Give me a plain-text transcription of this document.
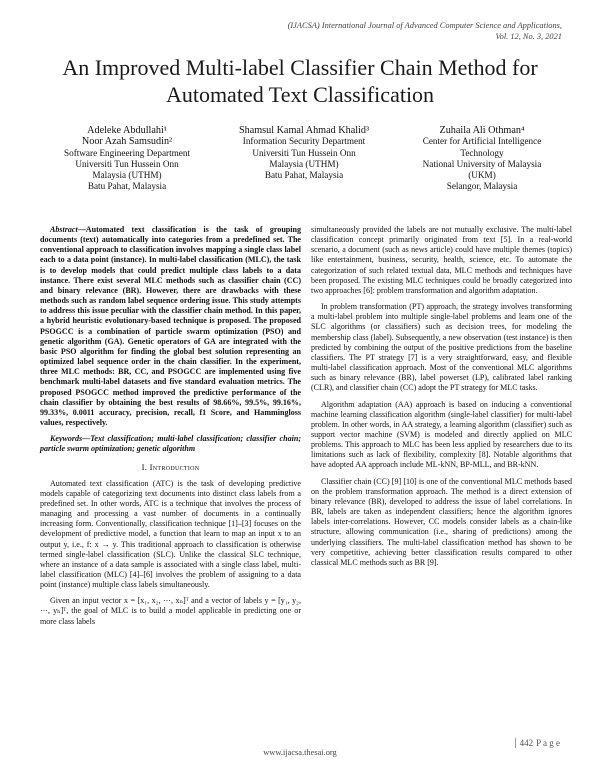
(IJACSA) International Journal of Advanced Computer Science and Applications,
Vol. 12, No. 3, 2021
An Improved Multi-label Classifier Chain Method for Automated Text Classification
Adeleke Abdullahi¹
Noor Azah Samsudin²
Software Engineering Department
Universiti Tun Hussein Onn
Malaysia (UTHM)
Batu Pahat, Malaysia
Shamsul Kamal Ahmad Khalid³
Information Security Department
Universiti Tun Hussein Onn
Malaysia (UTHM)
Batu Pahat, Malaysia
Zuhaila Ali Othman⁴
Center for Artificial Intelligence
Technology
National University of Malaysia
(UKM)
Selangor, Malaysia

Abstract—Automated text classification is the task of grouping documents (text) automatically into categories from a predefined set. The conventional approach to classification involves mapping a single class label each to a data point (instance). In multi-label classification (MLC), the task is to develop models that could predict multiple class labels to a data instance. There exist several MLC methods such as classifier chain (CC) and binary relevance (BR). However, there are drawbacks with these methods such as random label sequence ordering issue. This study attempts to address this issue peculiar with the classifier chain method. In this paper, a hybrid heuristic evolutionary-based technique is proposed. The proposed PSOGCC is a combination of particle swarm optimization (PSO) and genetic algorithm (GA). Genetic operators of GA are integrated with the basic PSO algorithm for finding the global best solution representing an optimized label sequence order in the chain classifier. In the experiment, three MLC methods: BR, CC, and PSOGCC are implemented using five benchmark multi-label datasets and five standard evaluation metrics. The proposed PSOGCC method improved the predictive performance of the chain classifier by obtaining the best results of 98.66%, 99.5%, 99.16%, 99.33%, 0.0011 accuracy, precision, recall, f1 Score, and Hammingloss values, respectively.

Keywords—Text classification; multi-label classification; classifier chain; particle swarm optimization; genetic algorithm

I. Introduction

Automated text classification (ATC) is the task of developing predictive models capable of categorizing text documents into distinct class labels from a predefined set. In other words, ATC is a technique that involves the process of managing and processing a vast number of documents in a continually increasing form. Conventionally, classification technique [1]–[3] focuses on the development of predictive model, a function that learn to map an input x to an output y, i.e., f: x → y. This traditional approach to classification is otherwise termed single-label classification (SLC). Unlike the classical SLC technique, where an instance of a data sample is associated with a single class label, multi-label classification (MLC) [4]–[6] involves the problem of assigning to a data point (instance) multiple class labels simultaneously.

Given an input vector x = [x₁, x₂, ⋯, xₙ]ᵀ and a vector of labels y = [y₁, y₂, ⋯, yₕ]ᵀ, the goal of MLC is to build a model applicable in predicting one or more class labels

simultaneously provided the labels are not mutually exclusive. The multi-label classification concept primarily originated from text [5]. In a real-world scenario, a document (such as news article) could have multiple themes (topics) like entertainment, business, security, health, science, etc. To automate the categorization of such related textual data, MLC methods and techniques have been proposed. The existing MLC techniques could be broadly categorized into two approaches [6]: problem transformation and algorithm adaptation.

In problem transformation (PT) approach, the strategy involves transforming a multi-label problem into multiple single-label problems and learn one of the SLC algorithms (or classifiers) such as decision trees, for modeling the membership class (label). Subsequently, a new observation (test instance) is then predicted by combining the output of the positive predictions from the baseline classifiers. The PT strategy [7] is a very straightforward, easy, and flexible multi-label classification approach. Most of the conventional MLC algorithms such as binary relevance (BR), label powerset (LP), calibrated label ranking (CLR), and classifier chain (CC) adopt the PT strategy for MLC tasks.

Algorithm adaptation (AA) approach is based on inducing a conventional machine learning classification algorithm (single-label classifier) for multi-label problem. In other words, in AA strategy, a learning algorithm (classifier) such as support vector machine (SVM) is modeled and directly applied on MLC problems. This approach to MLC has been less applied by researchers due to its limitations such as lack of flexibility, complexity [8]. Notable algorithms that have adopted AA approach include ML-kNN, BP-MLL, and BR-kNN.

Classifier chain (CC) [9] [10] is one of the conventional MLC methods based on the problem transformation approach. The method is a direct extension of binary relevance (BR), developed to address the issue of label correlations. In BR, labels are taken as independent classifiers; hence the algorithm ignores labels inter-correlations. However, CC models consider labels as a chain-like structure, allowing communication (i.e., sharing of predictions) among the underlying classifiers. The multi-label classification method has shown to be very competitive, achieving better classification results compared to other classical MLC methods such as BR [9].

442 P a g e
www.ijacsa.thesai.org
